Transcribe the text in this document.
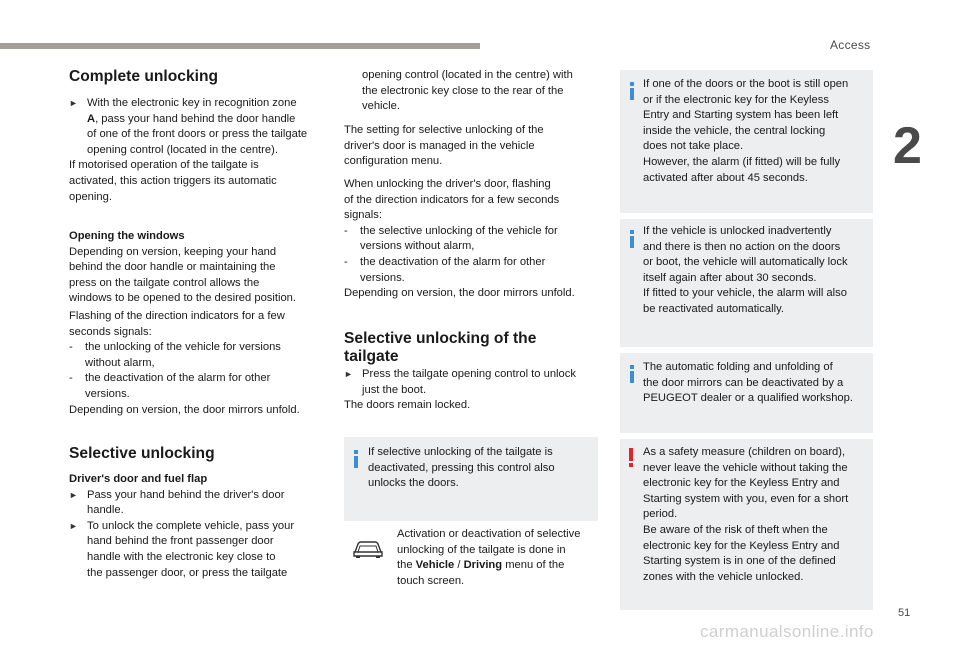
Access
2
51
carmanualsonline.info
Complete unlocking

► With the electronic key in recognition zone

A, pass your hand behind the door handle

of one of the front doors or press the tailgate

opening control (located in the centre).

If motorised operation of the tailgate is

activated, this action triggers its automatic

opening.

Opening the windows

Depending on version, keeping your hand

behind the door handle or maintaining the

press on the tailgate control allows the

windows to be opened to the desired position.

Flashing of the direction indicators for a few

seconds signals:

- the unlocking of the vehicle for versions

without alarm,

- the deactivation of the alarm for other

versions.

Depending on version, the door mirrors unfold.

Selective unlocking

Driver's door and fuel flap

► Pass your hand behind the driver's door

handle.

► To unlock the complete vehicle, pass your

hand behind the front passenger door

handle with the electronic key close to

the passenger door, or press the tailgate

opening control (located in the centre) with

the electronic key close to the rear of the

vehicle.

The setting for selective unlocking of the

driver's door is managed in the vehicle

configuration menu.

When unlocking the driver's door, flashing

of the direction indicators for a few seconds

signals:

- the selective unlocking of the vehicle for

versions without alarm,

- the deactivation of the alarm for other

versions.

Depending on version, the door mirrors unfold.

Selective unlocking of the
tailgate

► Press the tailgate opening control to unlock

just the boot.

The doors remain locked.

If selective unlocking of the tailgate is

deactivated, pressing this control also

unlocks the doors.

Activation or deactivation of selective

unlocking of the tailgate is done in

the Vehicle / Driving menu of the

touch screen.

If one of the doors or the boot is still open

or if the electronic key for the Keyless

Entry and Starting system has been left

inside the vehicle, the central locking

does not take place.

However, the alarm (if fitted) will be fully

activated after about 45 seconds.

If the vehicle is unlocked inadvertently

and there is then no action on the doors

or boot, the vehicle will automatically lock

itself again after about 30 seconds.

If fitted to your vehicle, the alarm will also

be reactivated automatically.

The automatic folding and unfolding of

the door mirrors can be deactivated by a

PEUGEOT dealer or a qualified workshop.

As a safety measure (children on board),

never leave the vehicle without taking the

electronic key for the Keyless Entry and

Starting system with you, even for a short

period.

Be aware of the risk of theft when the

electronic key for the Keyless Entry and

Starting system is in one of the defined

zones with the vehicle unlocked.
